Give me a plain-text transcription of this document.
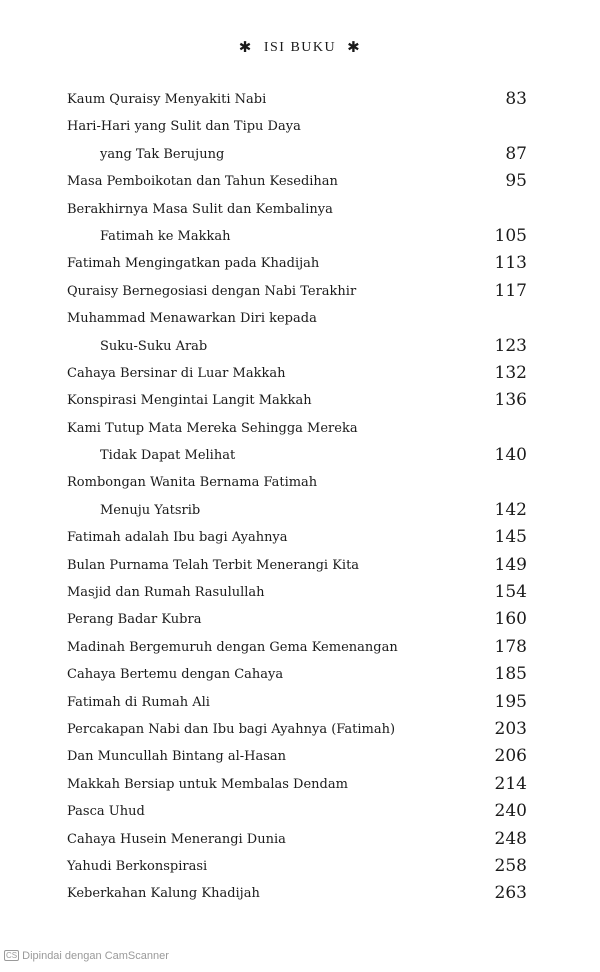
✱ ISI BUKU ✱
Kaum Quraisy Menyakiti Nabi	83
Hari-Hari yang Sulit dan Tipu Daya
yang Tak Berujung	87
Masa Pemboikotan dan Tahun Kesedihan	95
Berakhirnya Masa Sulit dan Kembalinya
Fatimah ke Makkah	105
Fatimah Mengingatkan pada Khadijah	113
Quraisy Bernegosiasi dengan Nabi Terakhir	117
Muhammad Menawarkan Diri kepada
Suku-Suku Arab	123
Cahaya Bersinar di Luar Makkah	132
Konspirasi Mengintai Langit Makkah	136
Kami Tutup Mata Mereka Sehingga Mereka
Tidak Dapat Melihat	140
Rombongan Wanita Bernama Fatimah
Menuju Yatsrib	142
Fatimah adalah Ibu bagi Ayahnya	145
Bulan Purnama Telah Terbit Menerangi Kita	149
Masjid dan Rumah Rasulullah	154
Perang Badar Kubra	160
Madinah Bergemuruh dengan Gema Kemenangan	178
Cahaya Bertemu dengan Cahaya	185
Fatimah di Rumah Ali	195
Percakapan Nabi dan Ibu bagi Ayahnya (Fatimah)	203
Dan Muncullah Bintang al-Hasan	206
Makkah Bersiap untuk Membalas Dendam	214
Pasca Uhud	240
Cahaya Husein Menerangi Dunia	248
Yahudi Berkonspirasi	258
Keberkahan Kalung Khadijah	263
CS Dipindai dengan CamScanner
